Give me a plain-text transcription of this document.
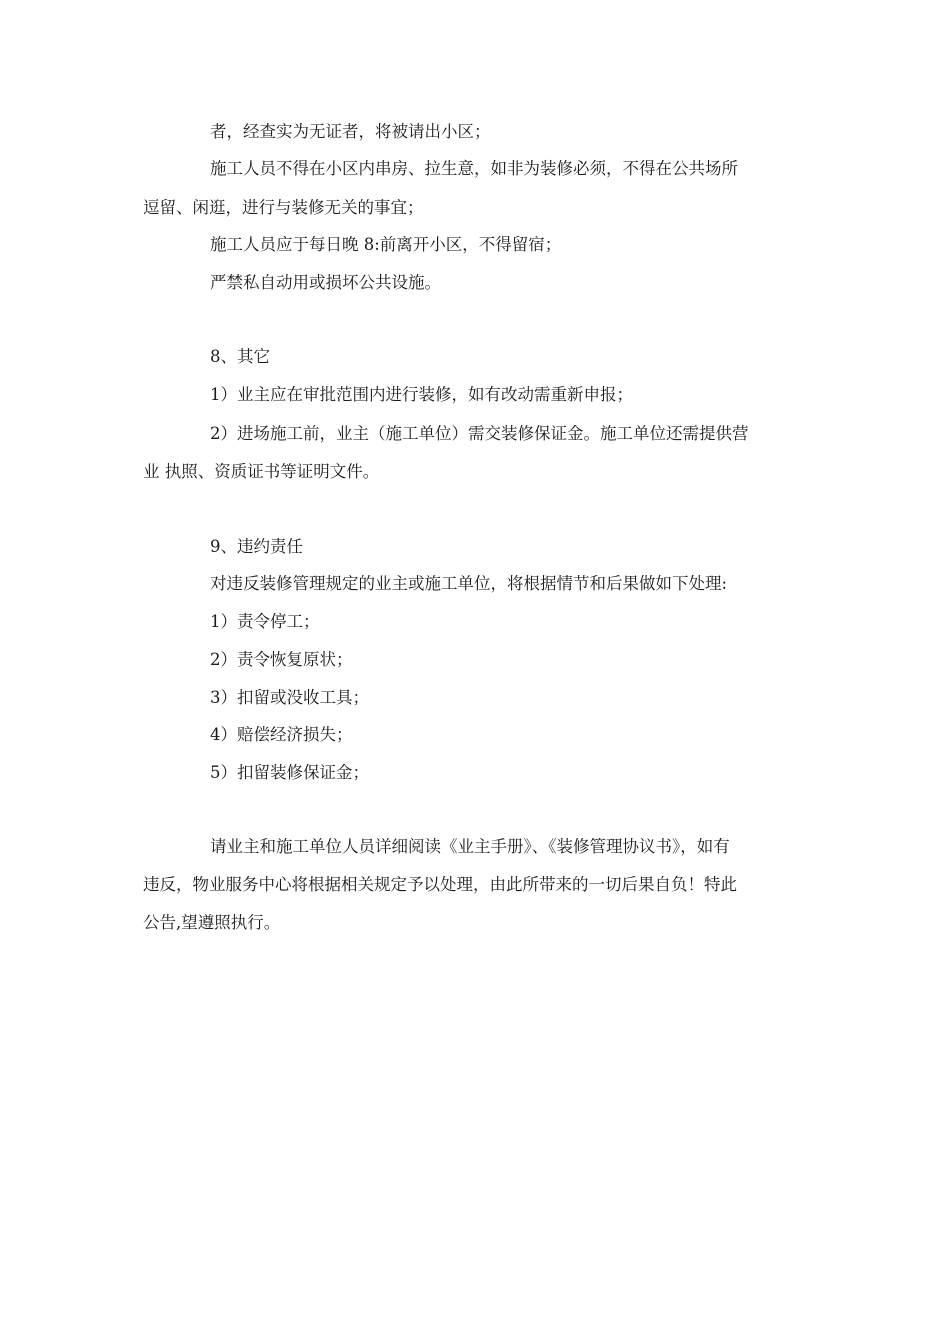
者，经查实为无证者，将被请出小区；
施工人员不得在小区内串房、拉生意，如非为装修必须，不得在公共场所
逗留、闲逛，进行与装修无关的事宜；
施工人员应于每日晚 8:前离开小区，不得留宿；
严禁私自动用或损坏公共设施。
8、其它
1）业主应在审批范围内进行装修，如有改动需重新申报；
2）进场施工前，业主（施工单位）需交装修保证金。施工单位还需提供营
业 执照、资质证书等证明文件。
9、违约责任
对违反装修管理规定的业主或施工单位，将根据情节和后果做如下处理:
1）责令停工；
2）责令恢复原状；
3）扣留或没收工具；
4）赔偿经济损失；
5）扣留装修保证金；
请业主和施工单位人员详细阅读《业主手册》、《装修管理协议书》，如有
违反，物业服务中心将根据相关规定予以处理，由此所带来的一切后果自负！特此
公告,望遵照执行。
